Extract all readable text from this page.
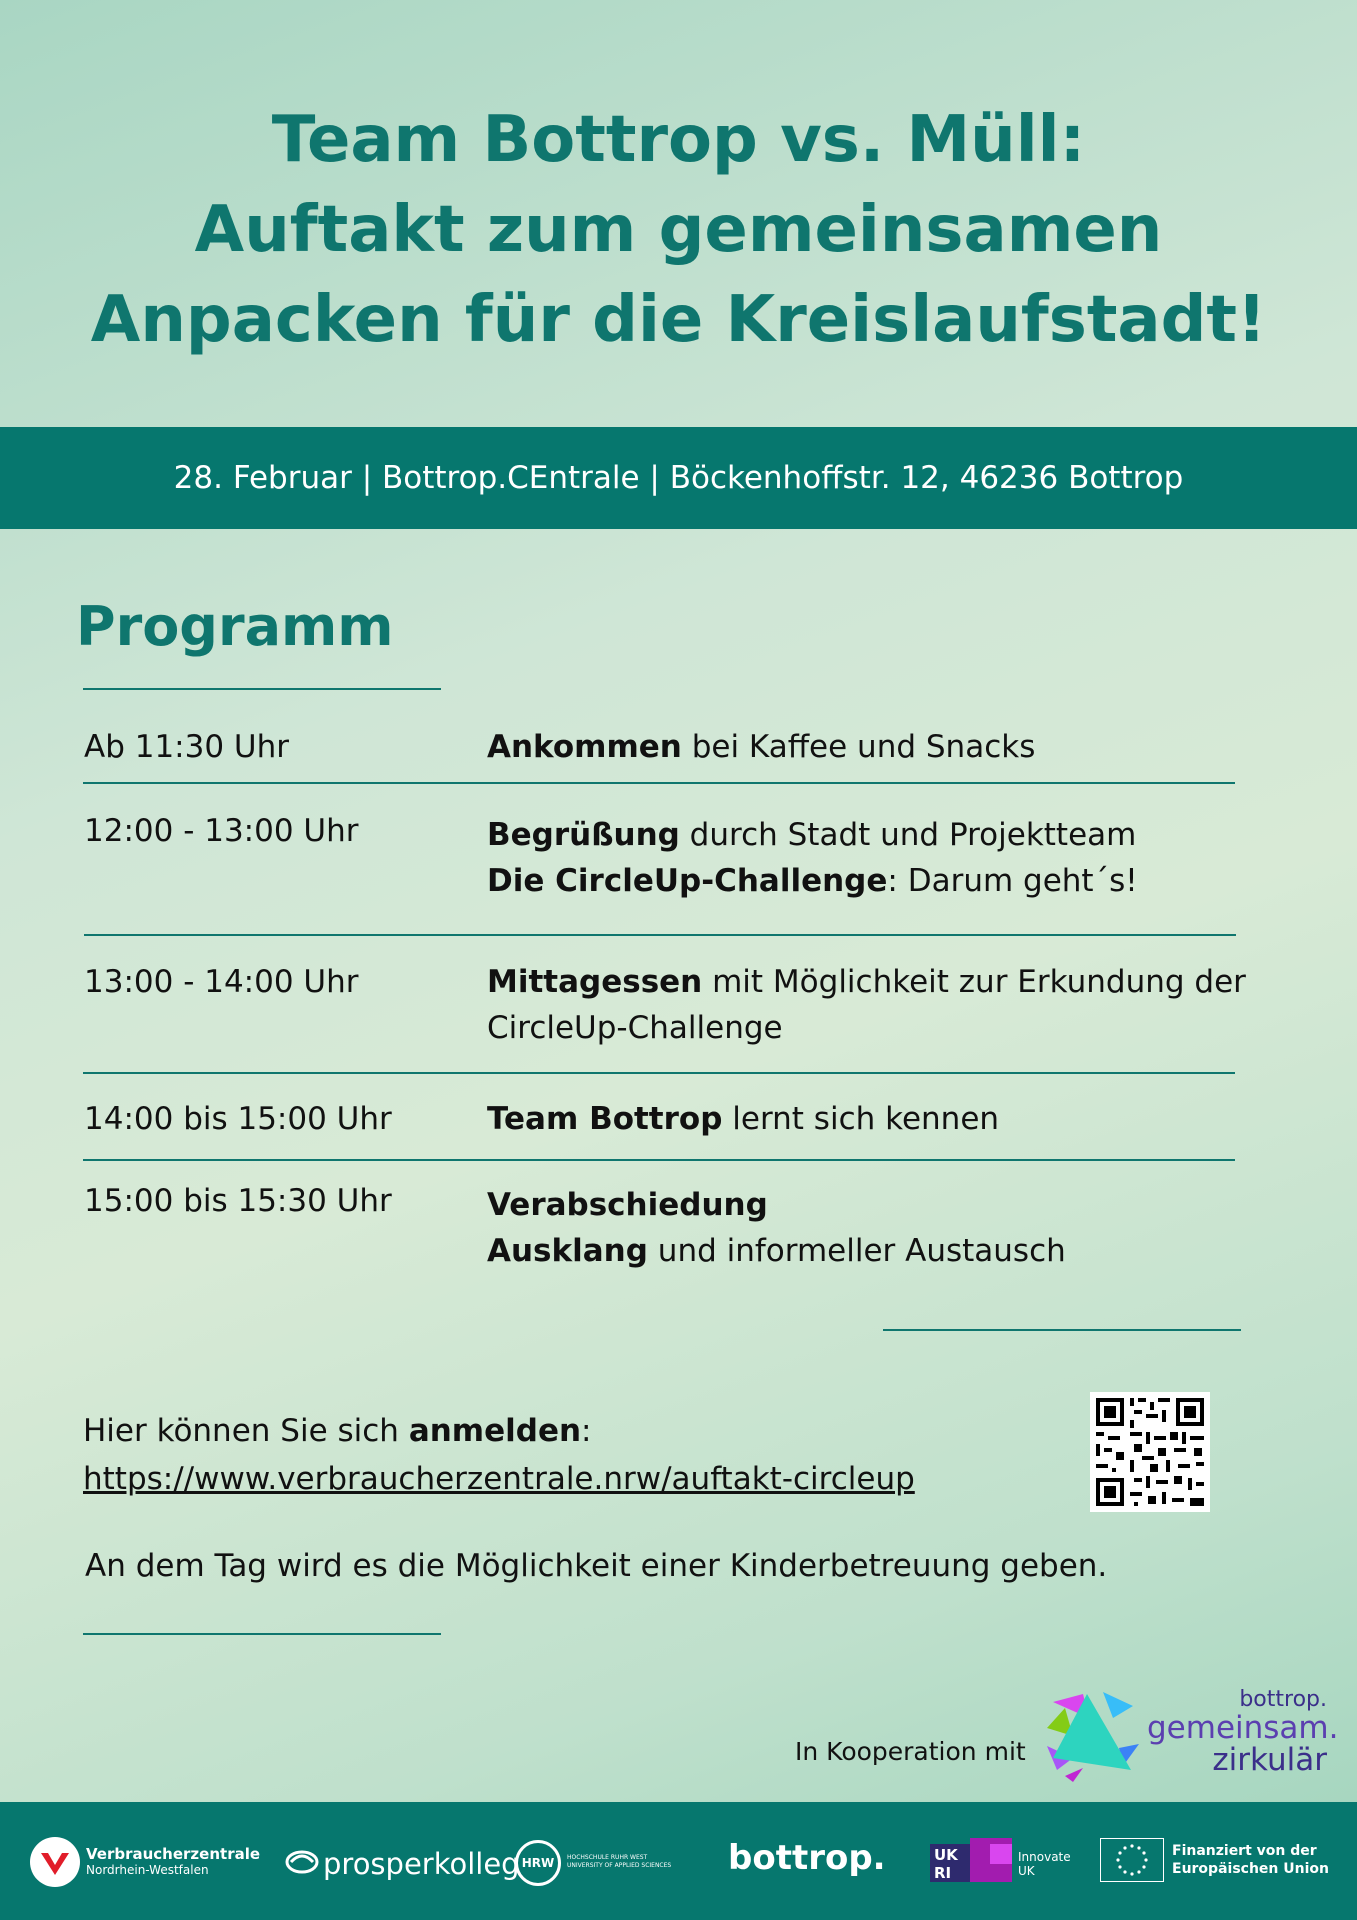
Team Bottrop vs. Müll:
Auftakt zum gemeinsamen
Anpacken für die Kreislaufstadt!
28. Februar | Bottrop.CEntrale | Böckenhoffstr. 12, 46236 Bottrop
Programm
Ab 11:30 Uhr	Ankommen bei Kaffee und Snacks
12:00 - 13:00 Uhr	Begrüßung durch Stadt und Projektteam
Die CircleUp-Challenge: Darum geht´s!
13:00 - 14:00 Uhr	Mittagessen mit Möglichkeit zur Erkundung der CircleUp-Challenge
14:00 bis 15:00 Uhr	Team Bottrop lernt sich kennen
15:00 bis 15:30 Uhr	Verabschiedung
Ausklang und informeller Austausch
Hier können Sie sich anmelden:
https://www.verbraucherzentrale.nrw/auftakt-circleup
An dem Tag wird es die Möglichkeit einer Kinderbetreuung geben.
In Kooperation mit
bottrop.
gemeinsam.
zirkulär
Verbraucherzentrale
Nordrhein-Westfalen	prosperkolleg HRW	HOCHSCHULE RUHR WEST
UNIVERSITY OF APPLIED SCIENCES bottrop.	UK
RI
Innovate
UK
Finanziert von der
Europäischen Union
